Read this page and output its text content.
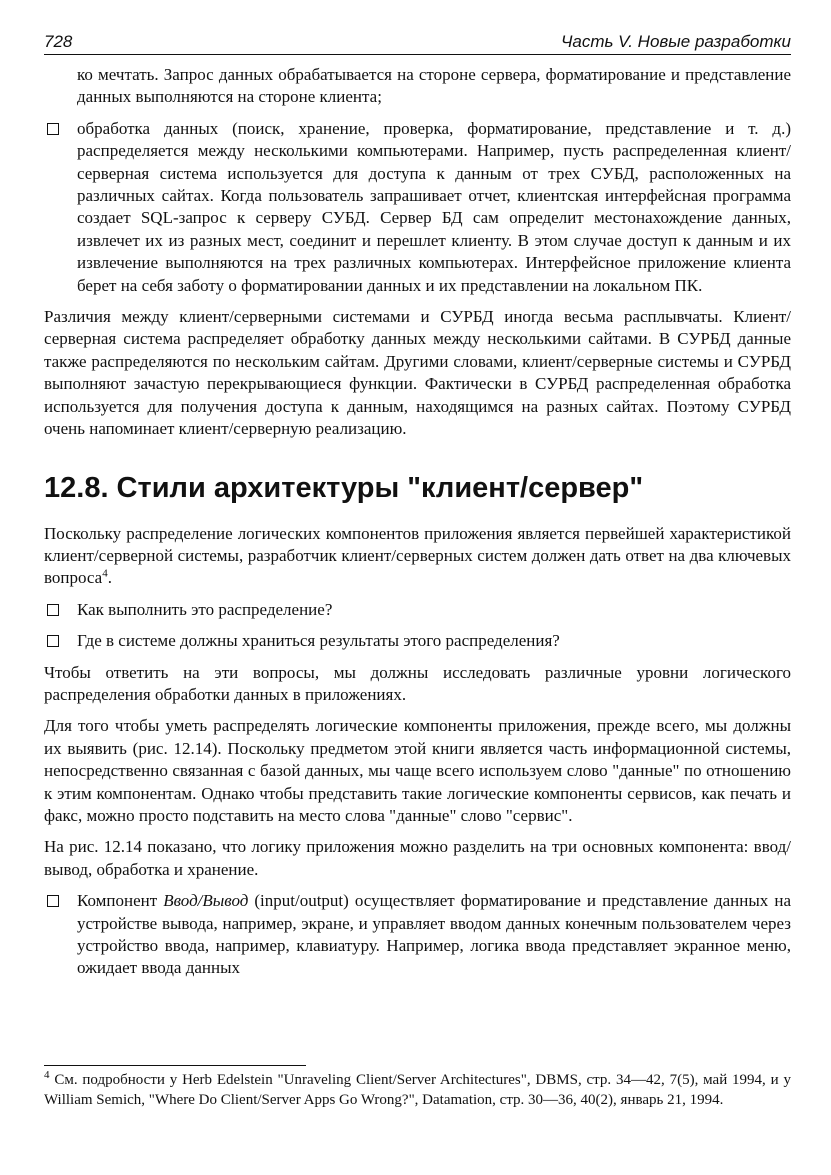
728	Часть V. Новые разработки

ко мечтать. Запрос данных обрабатывается на стороне сервера, форматирование и представление данных выполняются на стороне клиента;

обработка данных (поиск, хранение, проверка, форматирование, представление и т. д.) распределяется между несколькими компьютерами. Например, пусть распределенная клиент/серверная система используется для доступа к данным от трех СУБД, расположенных на различных сайтах. Когда пользователь запрашивает отчет, клиентская интерфейсная программа создает SQL-запрос к серверу СУБД. Сервер БД сам определит местонахождение данных, извлечет их из разных мест, соединит и перешлет клиенту. В этом случае доступ к данным и их извлечение выполняются на трех различных компьютерах. Интерфейсное приложение клиента берет на себя заботу о форматировании данных и их представлении на локальном ПК.

Различия между клиент/серверными системами и СУРБД иногда весьма расплывчаты. Клиент/серверная система распределяет обработку данных между несколькими сайтами. В СУРБД данные также распределяются по нескольким сайтам. Другими словами, клиент/серверные системы и СУРБД выполняют зачастую перекрывающиеся функции. Фактически в СУРБД распределенная обработка используется для получения доступа к данным, находящимся на разных сайтах. Поэтому СУРБД очень напоминает клиент/серверную реализацию.

12.8. Стили архитектуры "клиент/сервер"

Поскольку распределение логических компонентов приложения является первейшей характеристикой клиент/серверной системы, разработчик клиент/серверных систем должен дать ответ на два ключевых вопроса$^4$.

Как выполнить это распределение?

Где в системе должны храниться результаты этого распределения?

Чтобы ответить на эти вопросы, мы должны исследовать различные уровни логического распределения обработки данных в приложениях.

Для того чтобы уметь распределять логические компоненты приложения, прежде всего, мы должны их выявить (рис. 12.14). Поскольку предметом этой книги является часть информационной системы, непосредственно связанная с базой данных, мы чаще всего используем слово "данные" по отношению к этим компонентам. Однако чтобы представить такие логические компоненты сервисов, как печать и факс, можно просто подставить на место слова "данные" слово "сервис".

На рис. 12.14 показано, что логику приложения можно разделить на три основных компонента: ввод/вывод, обработка и хранение.

Компонент Ввод/Вывод (input/output) осуществляет форматирование и представление данных на устройстве вывода, например, экране, и управляет вводом данных конечным пользователем через устройство ввода, например, клавиатуру. Например, логика ввода представляет экранное меню, ожидает ввода данных

$^4$ См. подробности у Herb Edelstein "Unraveling Client/Server Architectures", DBMS, стр. 34—42, 7(5), май 1994, и у William Semich, "Where Do Client/Server Apps Go Wrong?", Datamation, стр. 30—36, 40(2), январь 21, 1994.
